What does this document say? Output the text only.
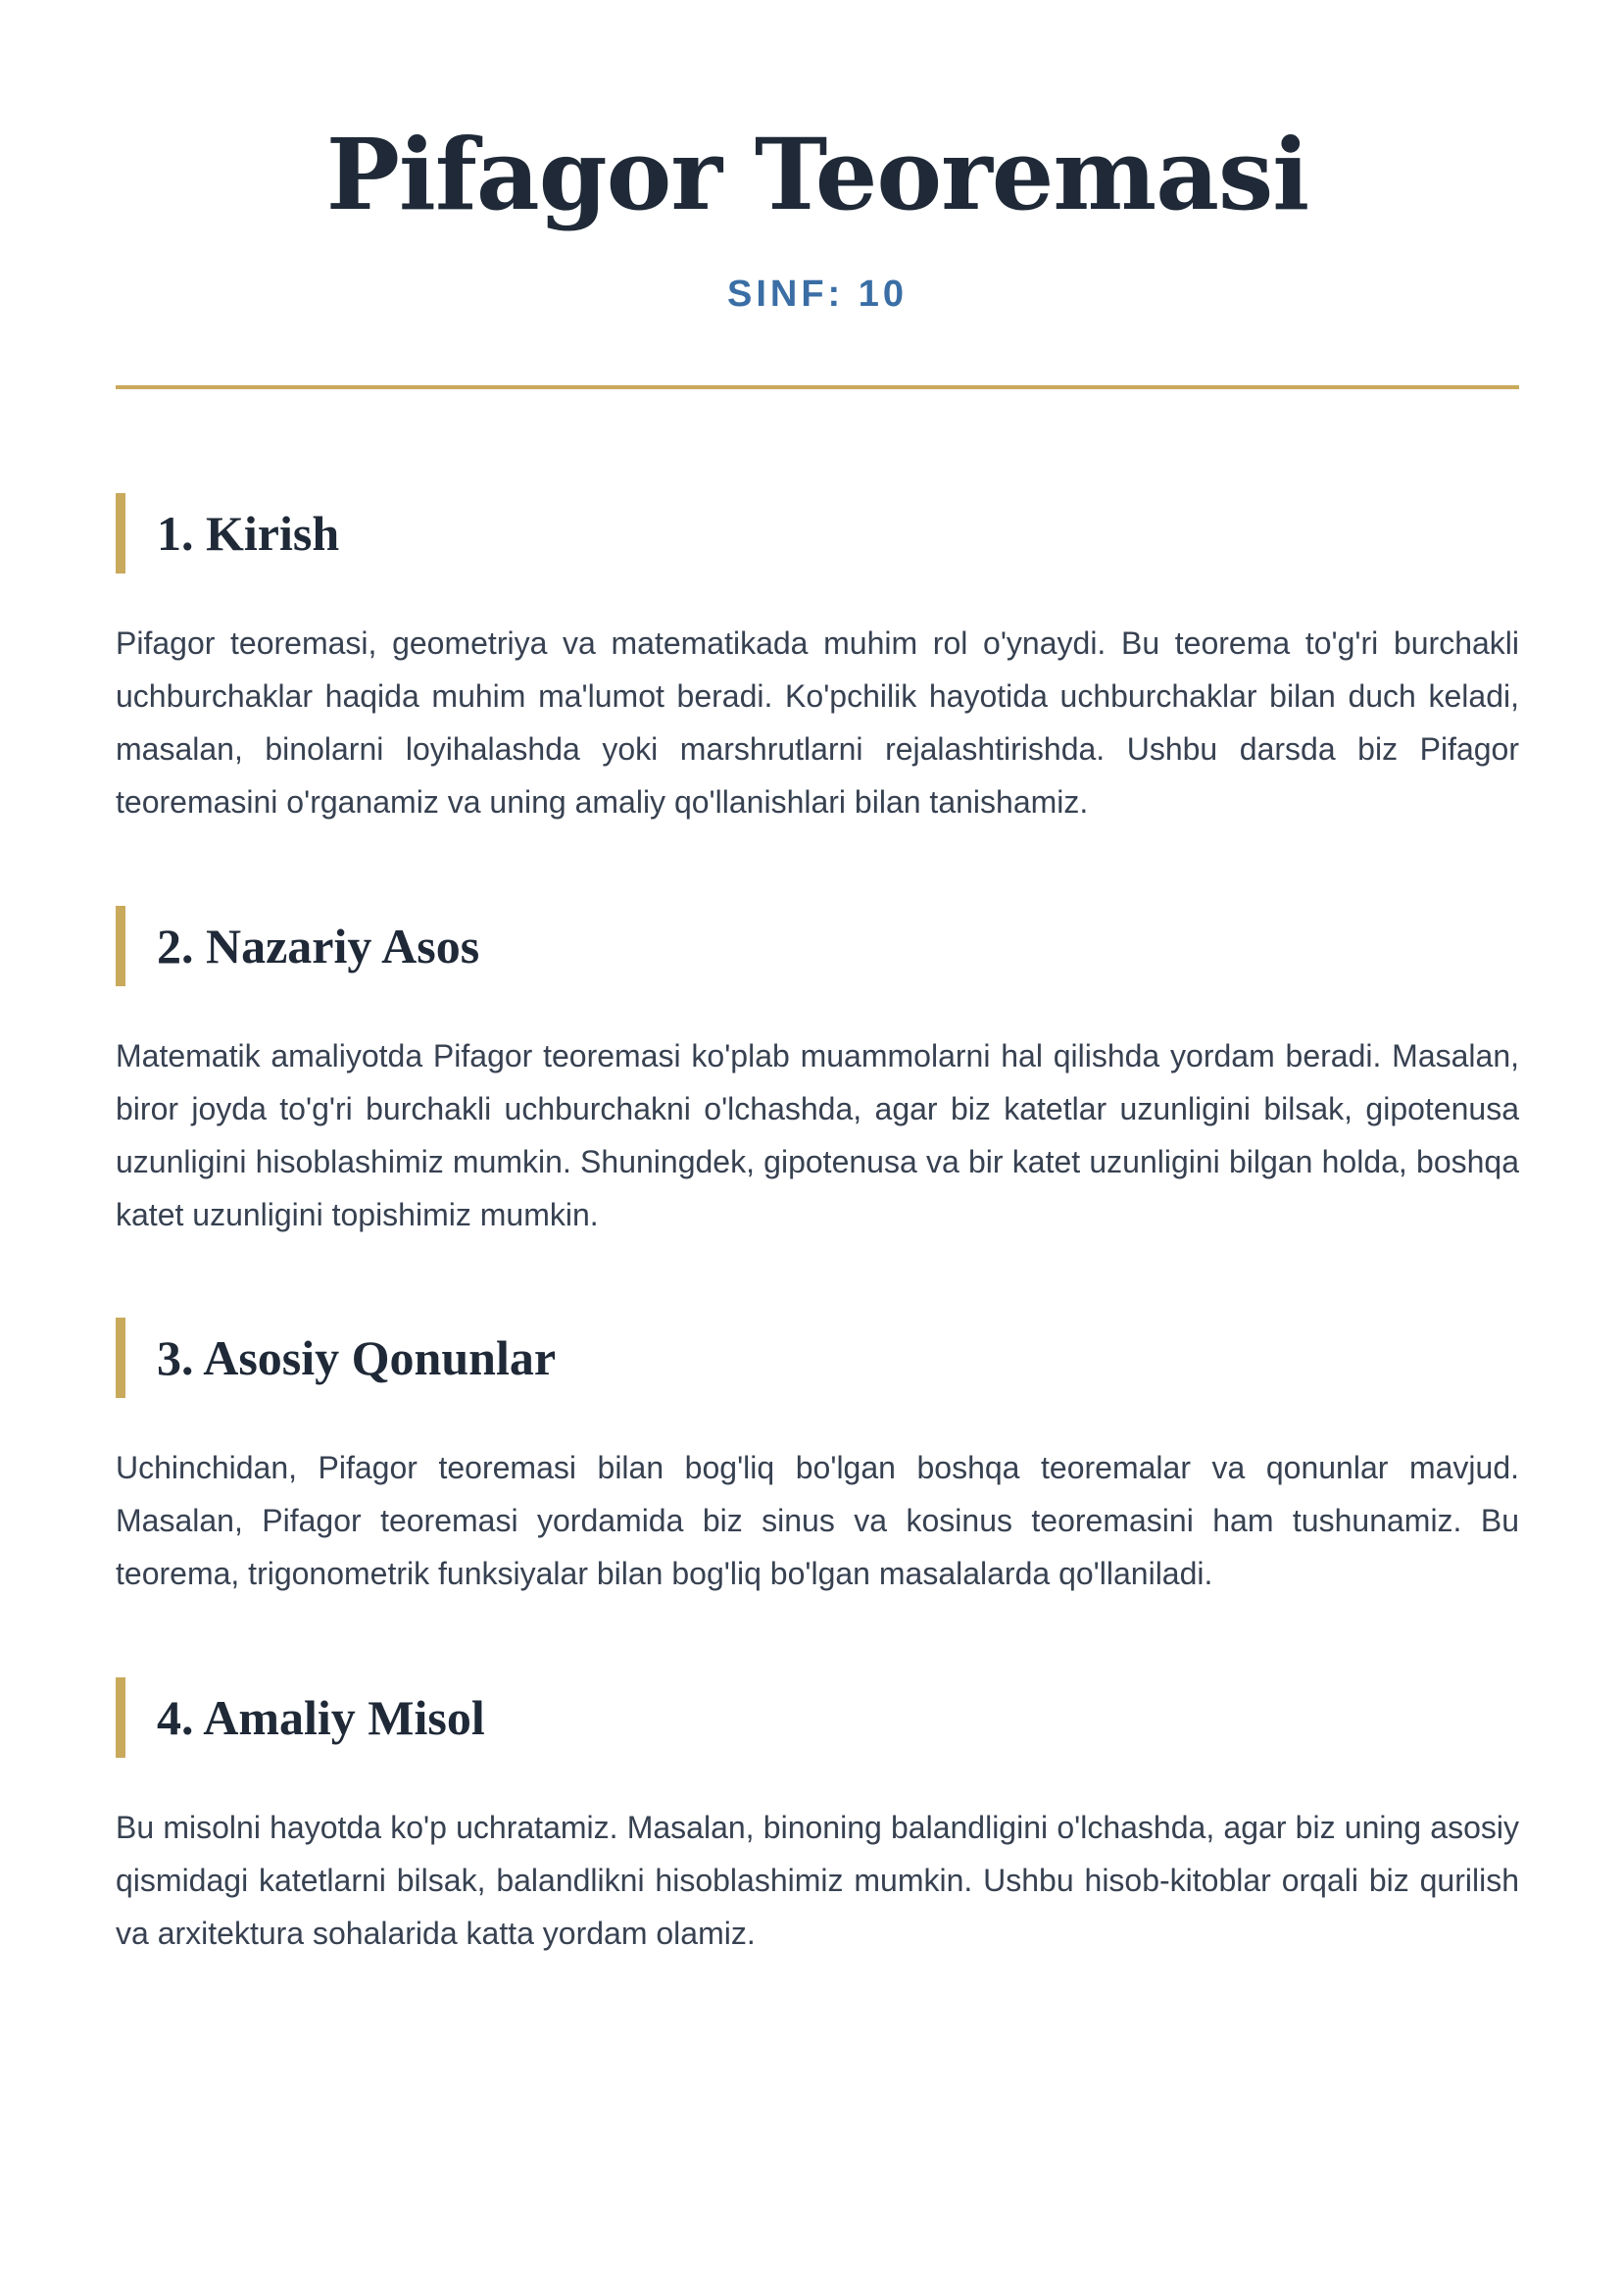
Pifagor Teoremasi
SINF: 10
1. Kirish

Pifagor teoremasi, geometriya va matematikada muhim rol o'ynaydi. Bu teorema to'g'ri burchakli uchburchaklar haqida muhim ma'lumot beradi. Ko'pchilik hayotida uchburchaklar bilan duch keladi, masalan, binolarni loyihalashda yoki marshrutlarni rejalashtirishda. Ushbu darsda biz Pifagor teoremasini o'rganamiz va uning amaliy qo'llanishlari bilan tanishamiz.

2. Nazariy Asos

Matematik amaliyotda Pifagor teoremasi ko'plab muammolarni hal qilishda yordam beradi. Masalan, biror joyda to'g'ri burchakli uchburchakni o'lchashda, agar biz katetlar uzunligini bilsak, gipotenusa uzunligini hisoblashimiz mumkin. Shuningdek, gipotenusa va bir katet uzunligini bilgan holda, boshqa katet uzunligini topishimiz mumkin.

3. Asosiy Qonunlar

Uchinchidan, Pifagor teoremasi bilan bog'liq bo'lgan boshqa teoremalar va qonunlar mavjud. Masalan, Pifagor teoremasi yordamida biz sinus va kosinus teoremasini ham tushunamiz. Bu teorema, trigonometrik funksiyalar bilan bog'liq bo'lgan masalalarda qo'llaniladi.

4. Amaliy Misol

Bu misolni hayotda ko'p uchratamiz. Masalan, binoning balandligini o'lchashda, agar biz uning asosiy qismidagi katetlarni bilsak, balandlikni hisoblashimiz mumkin. Ushbu hisob-kitoblar orqali biz qurilish va arxitektura sohalarida katta yordam olamiz.
